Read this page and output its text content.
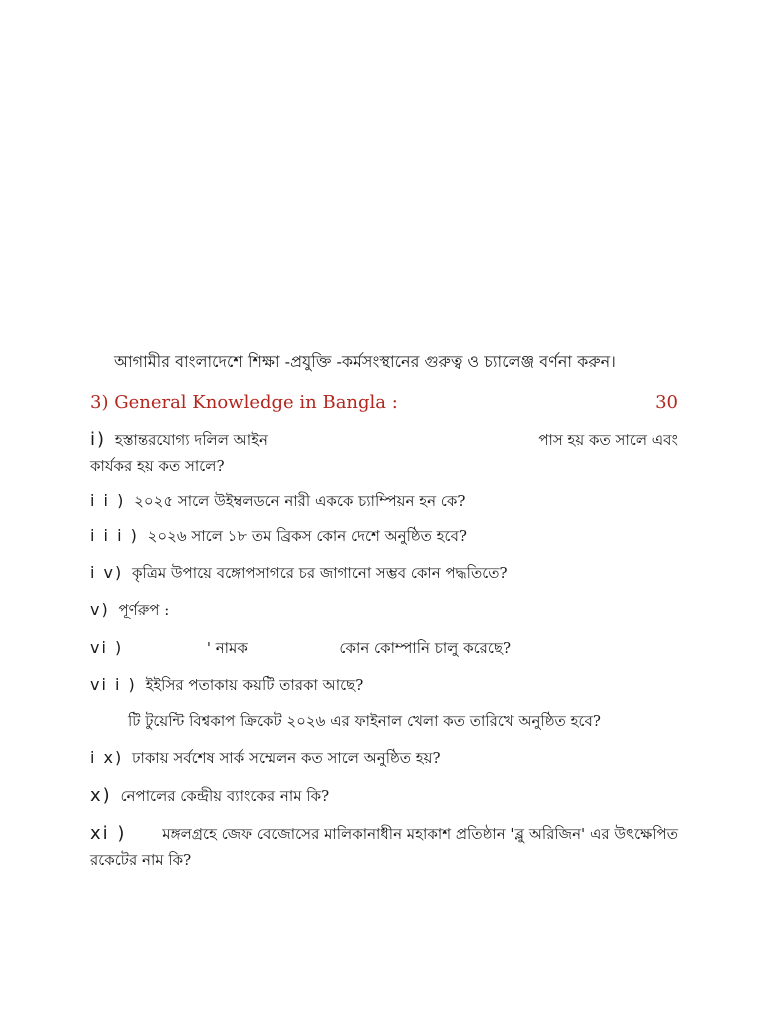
আগামীর বাংলাদেশে শিক্ষা -প্রযুক্তি -কর্মসংস্থানের গুরুত্ব ও চ্যালেঞ্জ বর্ণনা করুন।
3) General Knowledge in Bangla :	30
i) হস্তান্তরযোগ্য দলিল আইন	পাস হয় কত সালে এবং
কার্যকর হয় কত সালে?
i i ) ২০২৫ সালে উইম্বলডনে নারী এককে চ্যাম্পিয়ন হন কে?
i i i ) ২০২৬ সালে ১৮ তম ব্রিকস কোন দেশে অনুষ্ঠিত হবে?
i v) কৃত্রিম উপায়ে বঙ্গোপসাগরে চর জাগানো সম্ভব কোন পদ্ধতিতে?
v) পূর্ণরুপ :
vi )	' নামক	কোন কোম্পানি চালু করেছে?
vi i ) ইইসির পতাকায় কয়টি তারকা আছে?
টি টুয়েন্টি বিশ্বকাপ ক্রিকেট ২০২৬ এর ফাইনাল খেলা কত তারিখে অনুষ্ঠিত হবে?
i x) ঢাকায় সর্বশেষ সার্ক সম্মেলন কত সালে অনুষ্ঠিত হয়?
x) নেপালের কেন্দ্রীয় ব্যাংকের নাম কি?
xi ) মঙ্গলগ্রহে জেফ বেজোসের মালিকানাধীন মহাকাশ প্রতিষ্ঠান 'ব্লু অরিজিন' এর উৎক্ষেপিত
রকেটের নাম কি?
